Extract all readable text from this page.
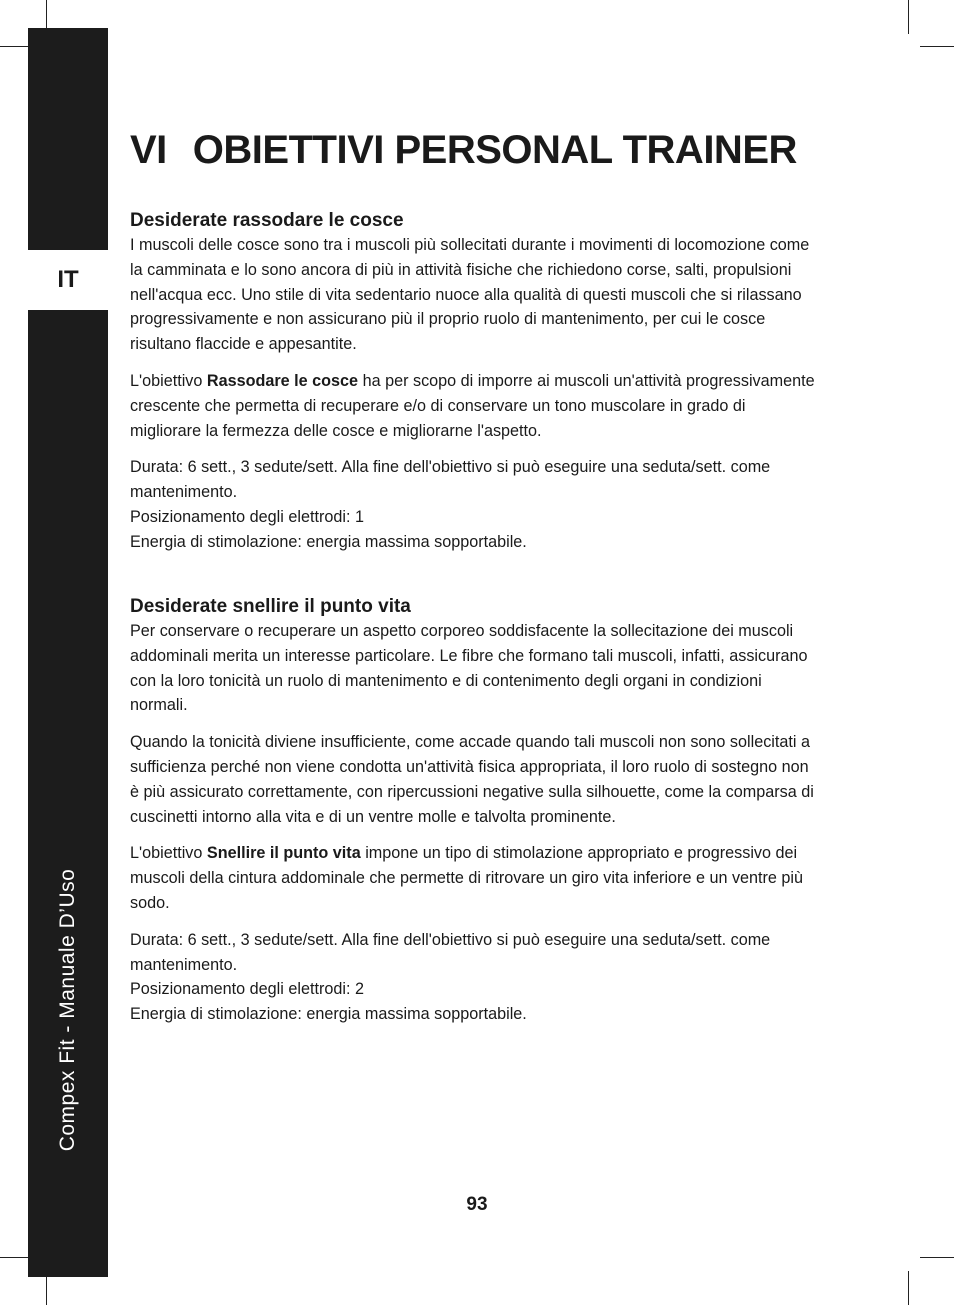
IT
Compex Fit - Manuale D’Uso
VI OBIETTIVI PERSONAL TRAINER
Desiderate rassodare le cosce

I muscoli delle cosce sono tra i muscoli più sollecitati durante i movimenti di locomozione come la camminata e lo sono ancora di più in attività fisiche che richiedono corse, salti, propulsioni nell'acqua ecc. Uno stile di vita sedentario nuoce alla qualità di questi muscoli che si rilassano progressivamente e non assicurano più il proprio ruolo di mantenimento, per cui le cosce risultano flaccide e appesantite.

L'obiettivo Rassodare le cosce ha per scopo di imporre ai muscoli un'attività progressivamente crescente che permetta di recuperare e/o di conservare un tono muscolare in grado di migliorare la fermezza delle cosce e migliorarne l'aspetto.

Durata: 6 sett., 3 sedute/sett. Alla fine dell'obiettivo si può eseguire una seduta/sett. come mantenimento.

Posizionamento degli elettrodi: 1

Energia di stimolazione: energia massima sopportabile.

Desiderate snellire il punto vita

Per conservare o recuperare un aspetto corporeo soddisfacente la sollecitazione dei muscoli addominali merita un interesse particolare. Le fibre che formano tali muscoli, infatti, assicurano con la loro tonicità un ruolo di mantenimento e di contenimento degli organi in condizioni normali.

Quando la tonicità diviene insufficiente, come accade quando tali muscoli non sono sollecitati a sufficienza perché non viene condotta un'attività fisica appropriata, il loro ruolo di sostegno non è più assicurato correttamente, con ripercussioni negative sulla silhouette, come la comparsa di cuscinetti intorno alla vita e di un ventre molle e talvolta prominente.

L'obiettivo Snellire il punto vita impone un tipo di stimolazione appropriato e progressivo dei muscoli della cintura addominale che permette di ritrovare un giro vita inferiore e un ventre più sodo.

Durata: 6 sett., 3 sedute/sett. Alla fine dell'obiettivo si può eseguire una seduta/sett. come mantenimento.

Posizionamento degli elettrodi: 2

Energia di stimolazione: energia massima sopportabile.

93
